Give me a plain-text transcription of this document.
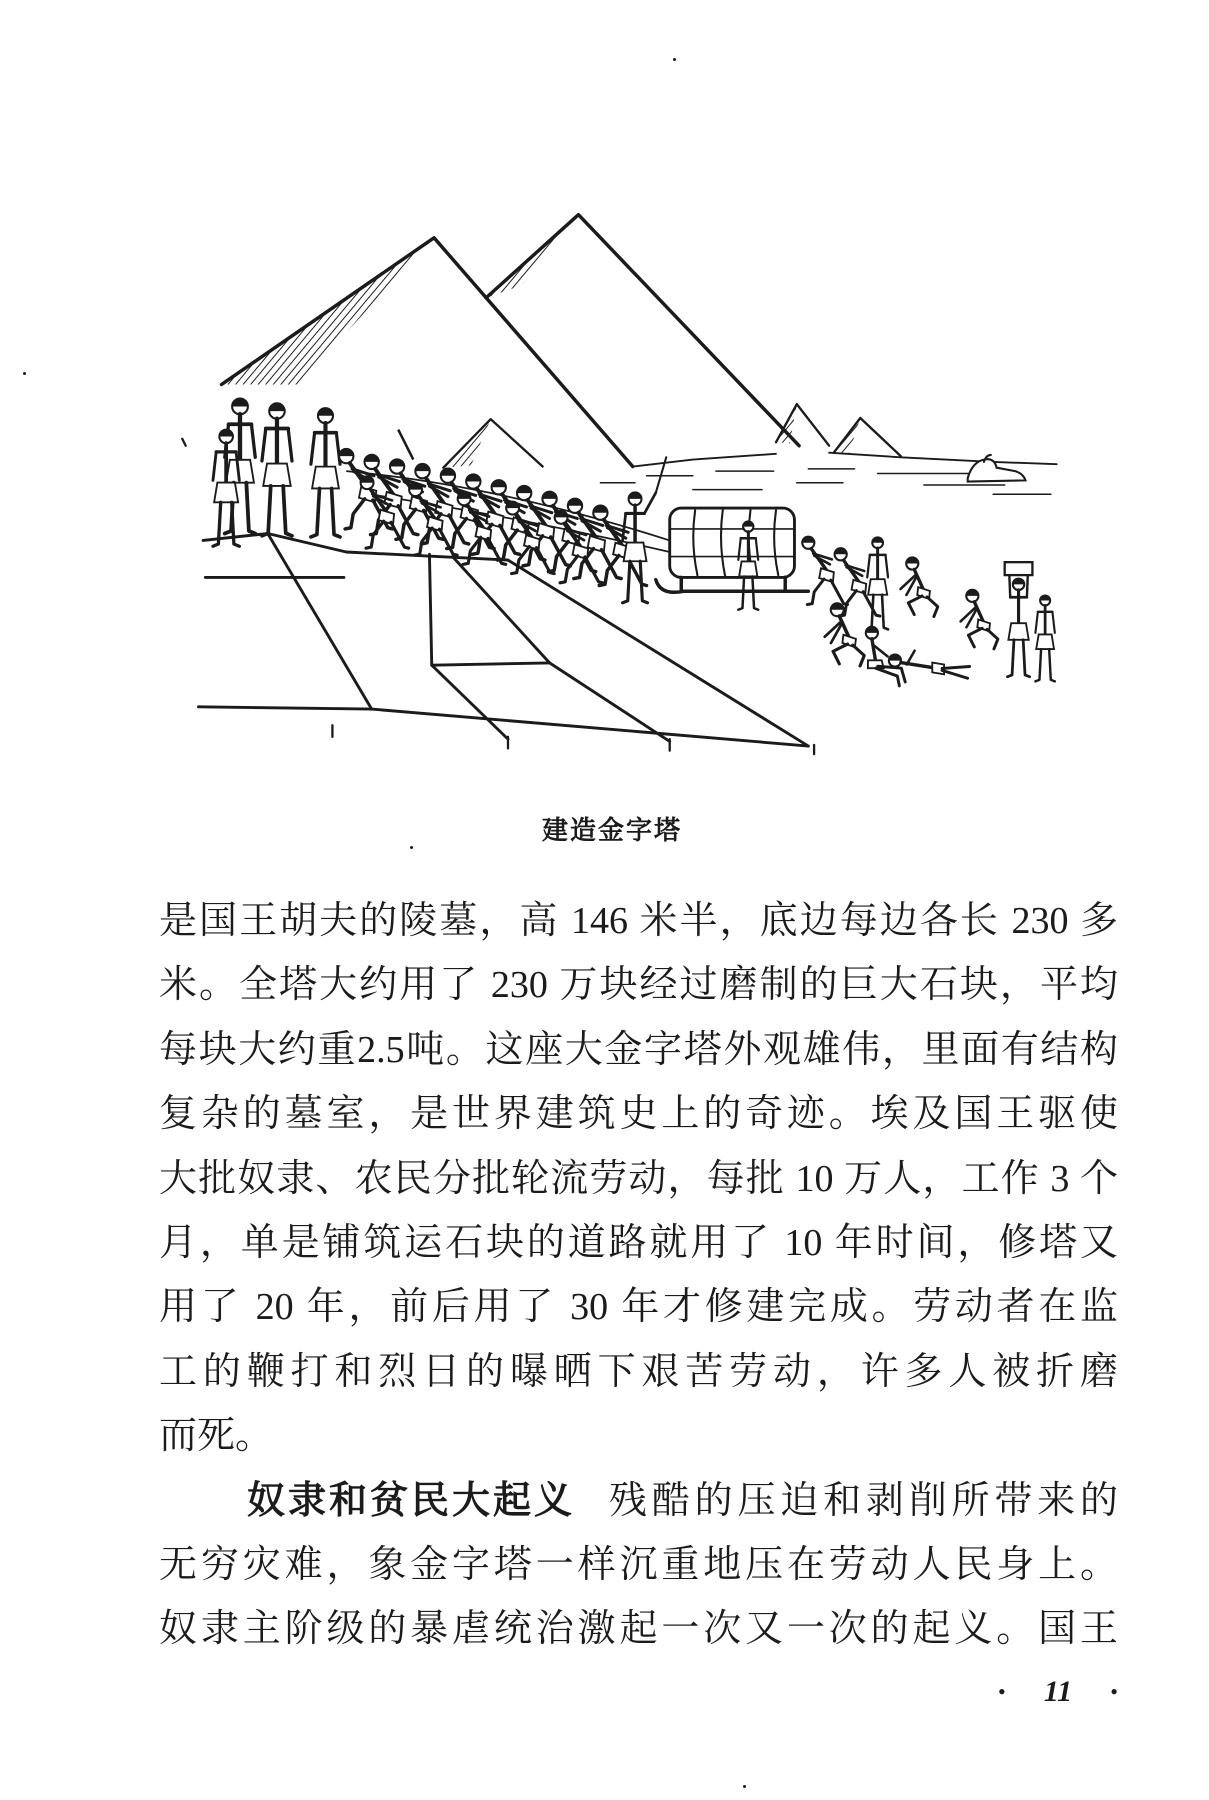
建造金字塔
是国王胡夫的陵墓，高 146 米半，底边每边各长 230 多
米。全塔大约用了 230 万块经过磨制的巨大石块，平均
每块大约重2.5吨。这座大金字塔外观雄伟，里面有结构
复杂的墓室，是世界建筑史上的奇迹。埃及国王驱使
大批奴隶、农民分批轮流劳动，每批 10 万人，工作 3 个
月，单是铺筑运石块的道路就用了 10 年时间，修塔又
用了 20 年，前后用了 30 年才修建完成。劳动者在监
工的鞭打和烈日的曝晒下艰苦劳动，许多人被折磨
而死。
奴隶和贫民大起义 残酷的压迫和剥削所带来的
无穷灾难，象金字塔一样沉重地压在劳动人民身上。
奴隶主阶级的暴虐统治激起一次又一次的起义。国王
• 11 •
